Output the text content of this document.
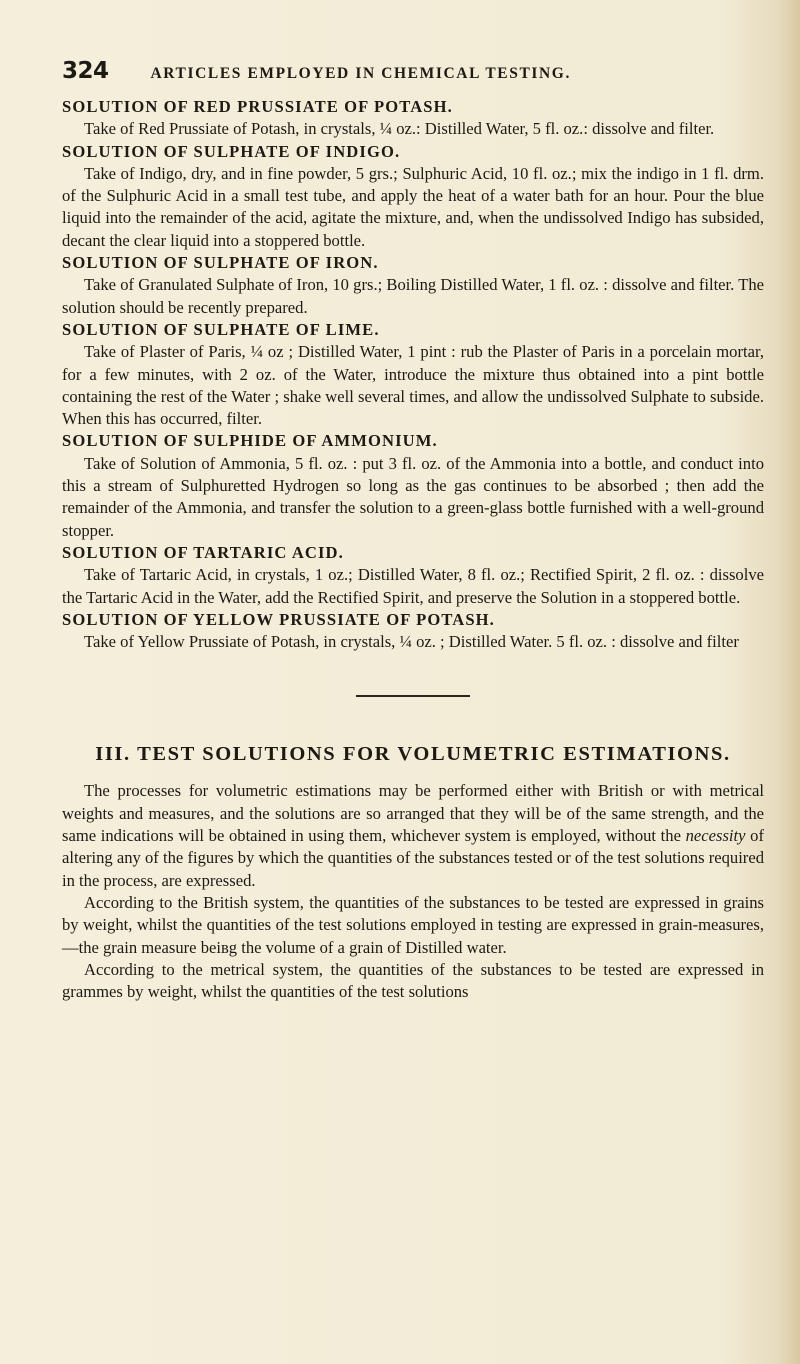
324	ARTICLES EMPLOYED IN CHEMICAL TESTING.

SOLUTION OF RED PRUSSIATE OF POTASH.

Take of Red Prussiate of Potash, in crystals, ¼ oz.: Distilled Water, 5 fl. oz.: dissolve and filter.

SOLUTION OF SULPHATE OF INDIGO.

Take of Indigo, dry, and in fine powder, 5 grs.; Sulphuric Acid, 10 fl. oz.; mix the indigo in 1 fl. drm. of the Sulphuric Acid in a small test tube, and apply the heat of a water bath for an hour. Pour the blue liquid into the remainder of the acid, agitate the mixture, and, when the undissolved Indigo has subsided, decant the clear liquid into a stoppered bottle.

SOLUTION OF SULPHATE OF IRON.

Take of Granulated Sulphate of Iron, 10 grs.; Boiling Distilled Water, 1 fl. oz. : dissolve and filter. The solution should be recently prepared.

SOLUTION OF SULPHATE OF LIME.

Take of Plaster of Paris, ¼ oz ; Distilled Water, 1 pint : rub the Plaster of Paris in a porcelain mortar, for a few minutes, with 2 oz. of the Water, introduce the mixture thus obtained into a pint bottle containing the rest of the Water ; shake well several times, and allow the undissolved Sulphate to subside. When this has occurred, filter.

SOLUTION OF SULPHIDE OF AMMONIUM.

Take of Solution of Ammonia, 5 fl. oz. : put 3 fl. oz. of the Ammonia into a bottle, and conduct into this a stream of Sulphuretted Hydrogen so long as the gas continues to be absorbed ; then add the remainder of the Ammonia, and transfer the solution to a green-glass bottle furnished with a well-ground stopper.

SOLUTION OF TARTARIC ACID.

Take of Tartaric Acid, in crystals, 1 oz.; Distilled Water, 8 fl. oz.; Rectified Spirit, 2 fl. oz. : dissolve the Tartaric Acid in the Water, add the Rectified Spirit, and preserve the Solution in a stoppered bottle.

SOLUTION OF YELLOW PRUSSIATE OF POTASH.

Take of Yellow Prussiate of Potash, in crystals, ¼ oz. ; Distilled Water. 5 fl. oz. : dissolve and filter

III. TEST SOLUTIONS FOR VOLUMETRIC ESTIMATIONS.

The processes for volumetric estimations may be performed either with British or with metrical weights and measures, and the solutions are so arranged that they will be of the same strength, and the same indications will be obtained in using them, whichever system is employed, without the necessity of altering any of the figures by which the quantities of the substances tested or of the test solutions required in the process, are expressed.

According to the British system, the quantities of the substances to be tested are expressed in grains by weight, whilst the quantities of the test solutions employed in testing are expressed in grain-measures,—the grain measure beiвg the volume of a grain of Distilled water.

According to the metrical system, the quantities of the substances to be tested are expressed in grammes by weight, whilst the quantities of the test solutions
